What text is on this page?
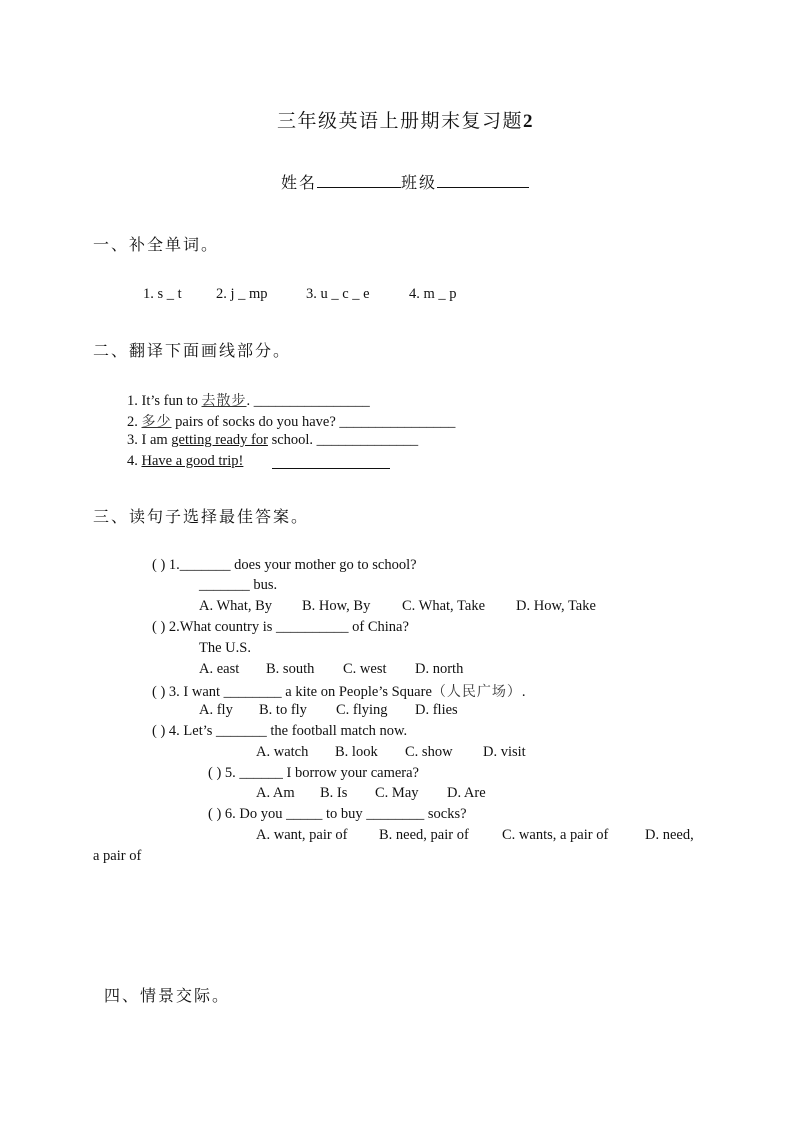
三年级英语上册期末复习题2
姓名	班级
一、补全单词。
1. s _ t 2. j _ mp	3. u _ c _ e	4. m _ p
二、翻译下面画线部分。
1. It’s fun to 去散步. ________________
2. 多少 pairs of socks do you have? ________________
3. I am getting ready for school. ______________
4. Have a good trip!
三、读句子选择最佳答案。
( ) 1._______ does your mother go to school?
_______ bus.
A. What, By B. How, By C. What, Take D. How, Take
( ) 2.What country is __________ of China?
The U.S.
A. east B. south C. west D. north
( ) 3. I want ________ a kite on People’s Square（人民广场）.
A. fly B. to fly C. flying D. flies
( ) 4. Let’s _______ the football match now.
A. watch B. look C. show D. visit
( ) 5. ______ I borrow your camera?
A. Am B. Is C. May D. Are
( ) 6. Do you _____ to buy ________ socks?
A. want, pair of B. need, pair of C. wants, a pair of	D. need,
a pair of
四、情景交际。
